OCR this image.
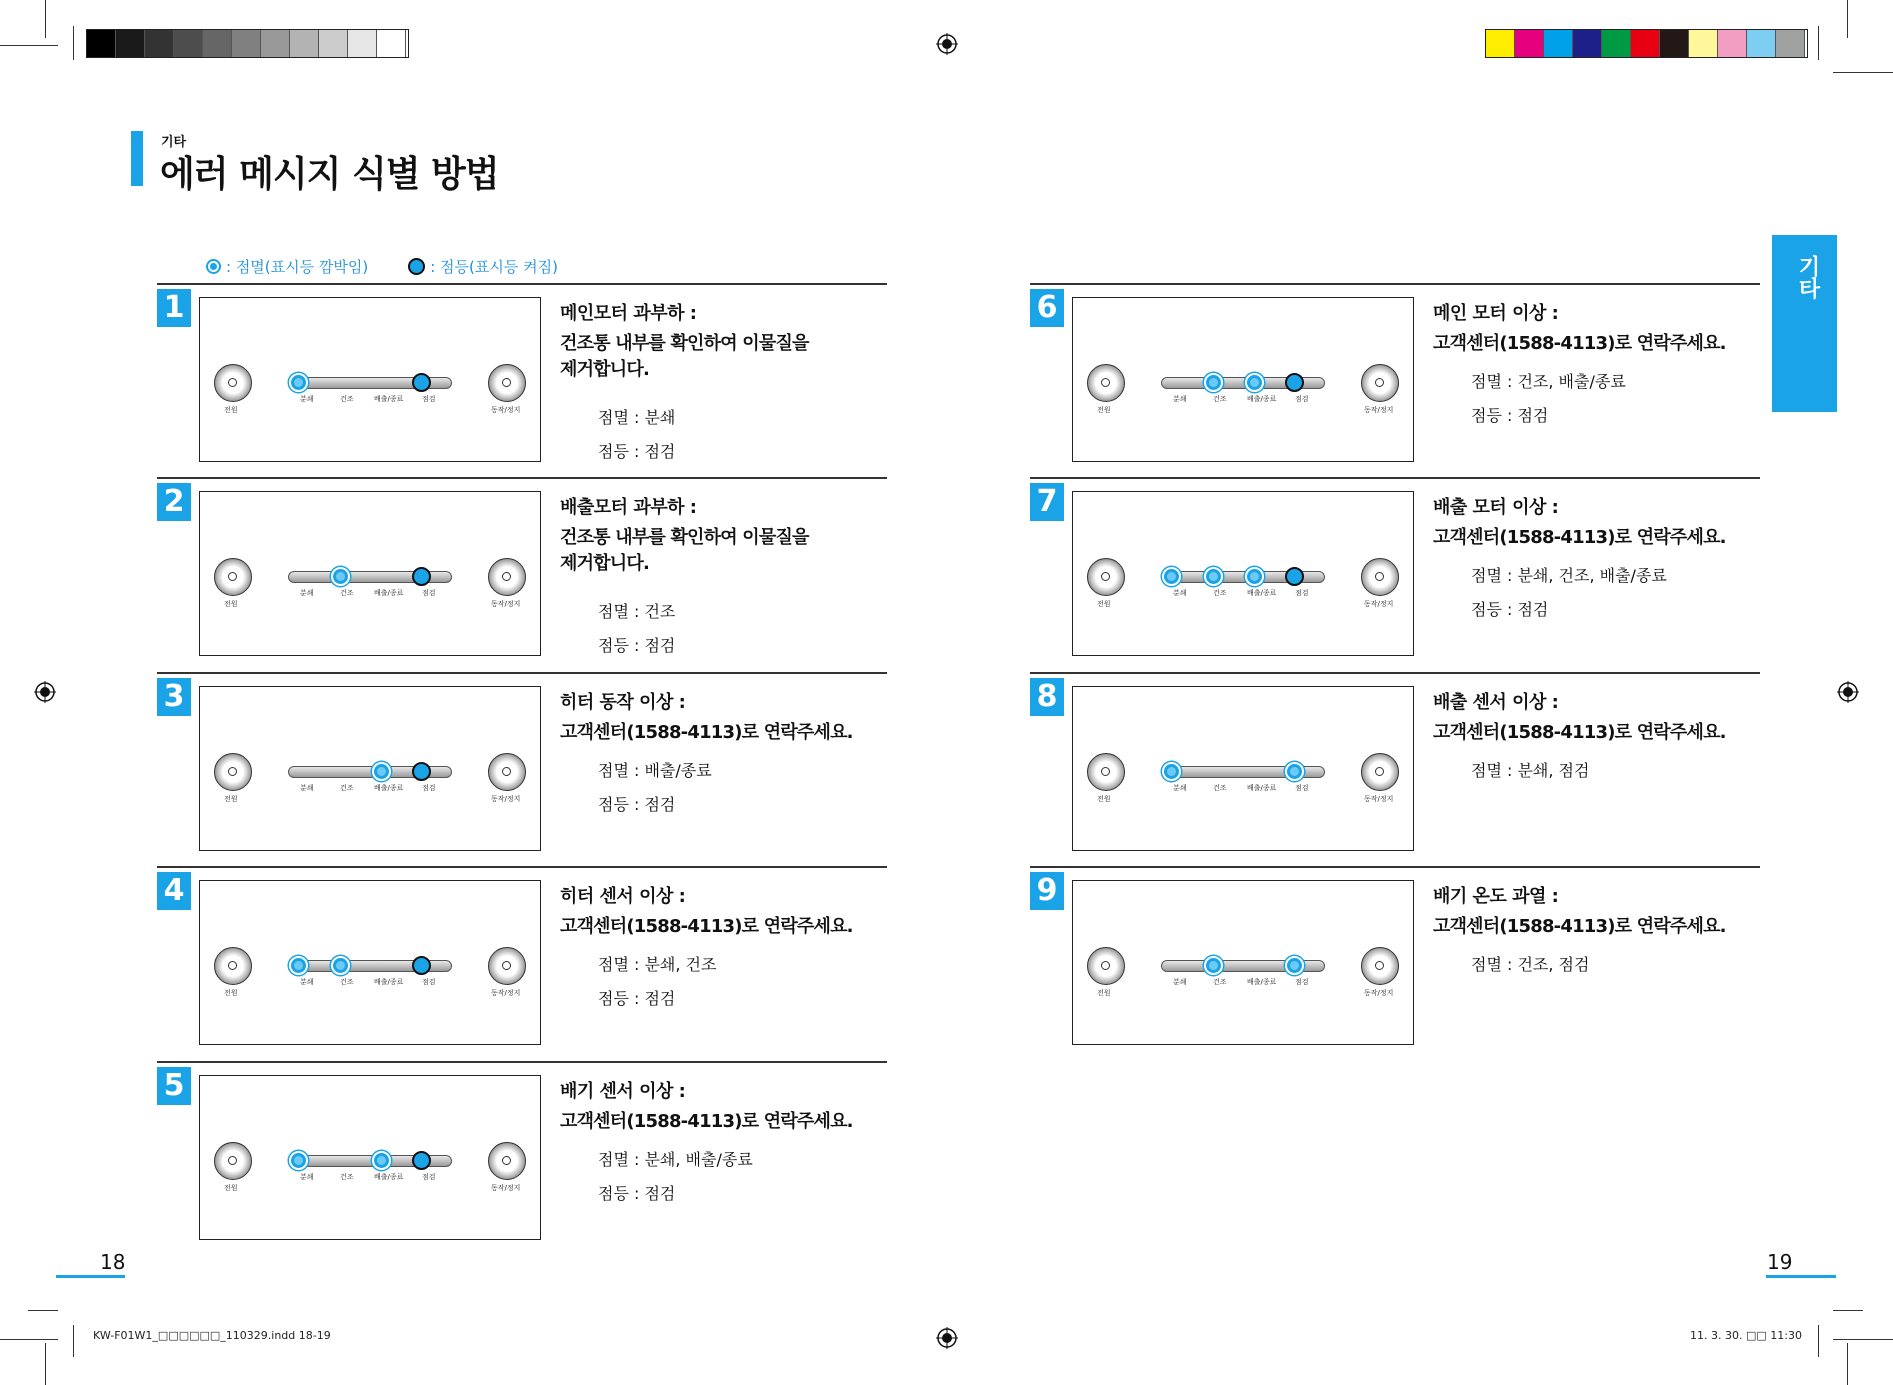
기타
에러 메시지 식별 방법
: 점멸(표시등 깜박임)	: 점등(표시등 켜짐)	기타
1
전원
분쇄	건조	배출/종료	점검
동작/정지
메인모터 과부하 :
건조통 내부를 확인하여 이물질을
제거합니다.
점멸 : 분쇄
점등 : 점검
2
전원
분쇄	건조	배출/종료	점검
동작/정지
배출모터 과부하 :
건조통 내부를 확인하여 이물질을
제거합니다.
점멸 : 건조
점등 : 점검
3
전원
분쇄	건조	배출/종료	점검
동작/정지
히터 동작 이상 :
고객센터(1588-4113)로 연락주세요.
점멸 : 배출/종료
점등 : 점검
4
전원
분쇄	건조	배출/종료	점검
동작/정지
히터 센서 이상 :
고객센터(1588-4113)로 연락주세요.
점멸 : 분쇄, 건조
점등 : 점검
5
전원
분쇄	건조	배출/종료	점검
동작/정지
배기 센서 이상 :
고객센터(1588-4113)로 연락주세요.
점멸 : 분쇄, 배출/종료
점등 : 점검
6
전원
분쇄	건조	배출/종료	점검
동작/정지
메인 모터 이상 :
고객센터(1588-4113)로 연락주세요.
점멸 : 건조, 배출/종료
점등 : 점검
7
전원
분쇄	건조	배출/종료	점검
동작/정지
배출 모터 이상 :
고객센터(1588-4113)로 연락주세요.
점멸 : 분쇄, 건조, 배출/종료
점등 : 점검
8
전원
분쇄	건조	배출/종료	점검
동작/정지
배출 센서 이상 :
고객센터(1588-4113)로 연락주세요.
점멸 : 분쇄, 점검
9
전원
분쇄	건조	배출/종료	점검
동작/정지
배기 온도 과열 :
고객센터(1588-4113)로 연락주세요.
점멸 : 건조, 점검
18	19
KW-F01W1_□□□□□□_110329.indd 18-19	11. 3. 30. □□ 11:30
